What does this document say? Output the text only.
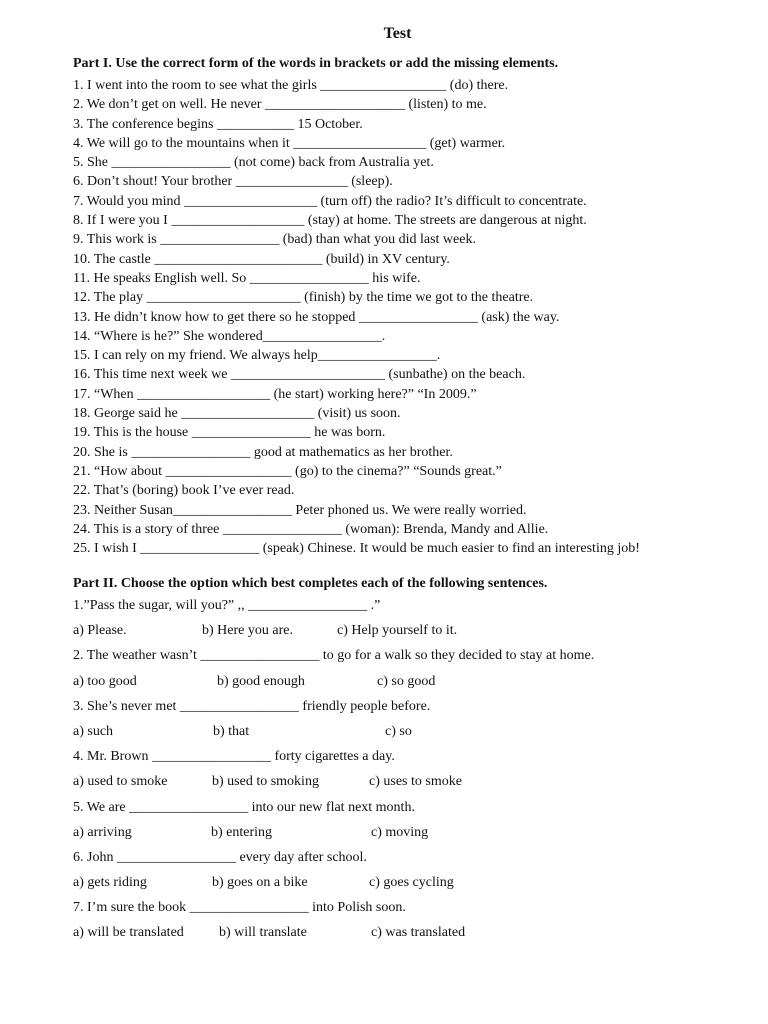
Test
Part I. Use the correct form of the words in brackets or add the missing elements.
1. I went into the room to see what the girls __________________ (do) there.
2. We don’t get on well. He never ____________________ (listen) to me.
3. The conference begins ___________ 15 October.
4. We will go to the mountains when it ___________________ (get) warmer.
5. She _________________ (not come) back from Australia yet.
6. Don’t shout! Your brother ________________ (sleep).
7. Would you mind ___________________ (turn off) the radio? It’s difficult to concentrate.
8. If I were you I ___________________ (stay) at home. The streets are dangerous at night.
9. This work is _________________ (bad) than what you did last week.
10. The castle ________________________ (build) in XV century.
11. He speaks English well. So _________________ his wife.
12. The play ______________________ (finish) by the time we got to the theatre.
13. He didn’t know how to get there so he stopped _________________ (ask) the way.
14. “Where is he?” She wondered_________________.
15. I can rely on my friend. We always help_________________.
16. This time next week we ______________________ (sunbathe) on the beach.
17. “When ___________________ (he start) working here?” “In 2009.”
18. George said he ___________________ (visit) us soon.
19. This is the house _________________ he was born.
20. She is _________________ good at mathematics as her brother.
21. “How about __________________ (go) to the cinema?” “Sounds great.”
22. That’s (boring) book I’ve ever read.
23. Neither Susan_________________ Peter phoned us. We were really worried.
24. This is a story of three _________________ (woman): Brenda, Mandy and Allie.
25. I wish I _________________ (speak) Chinese. It would be much easier to find an interesting job!
Part II. Choose the option which best completes each of the following sentences.
1.”Pass the sugar, will you?” ,, _________________ .”
a) Please.	b) Here you are.	c) Help yourself to it.
2. The weather wasn’t _________________ to go for a walk so they decided to stay at home.
a) too good	b) good enough	c) so good
3. She’s never met _________________ friendly people before.
a) such	b) that	c) so
4. Mr. Brown _________________ forty cigarettes a day.
a) used to smoke	b) used to smoking	c) uses to smoke
5. We are _________________ into our new flat next month.
a) arriving	b) entering	c) moving
6. John _________________ every day after school.
a) gets riding	b) goes on a bike	c) goes cycling
7. I’m sure the book _________________ into Polish soon.
a) will be translated	b) will translate	c) was translated
